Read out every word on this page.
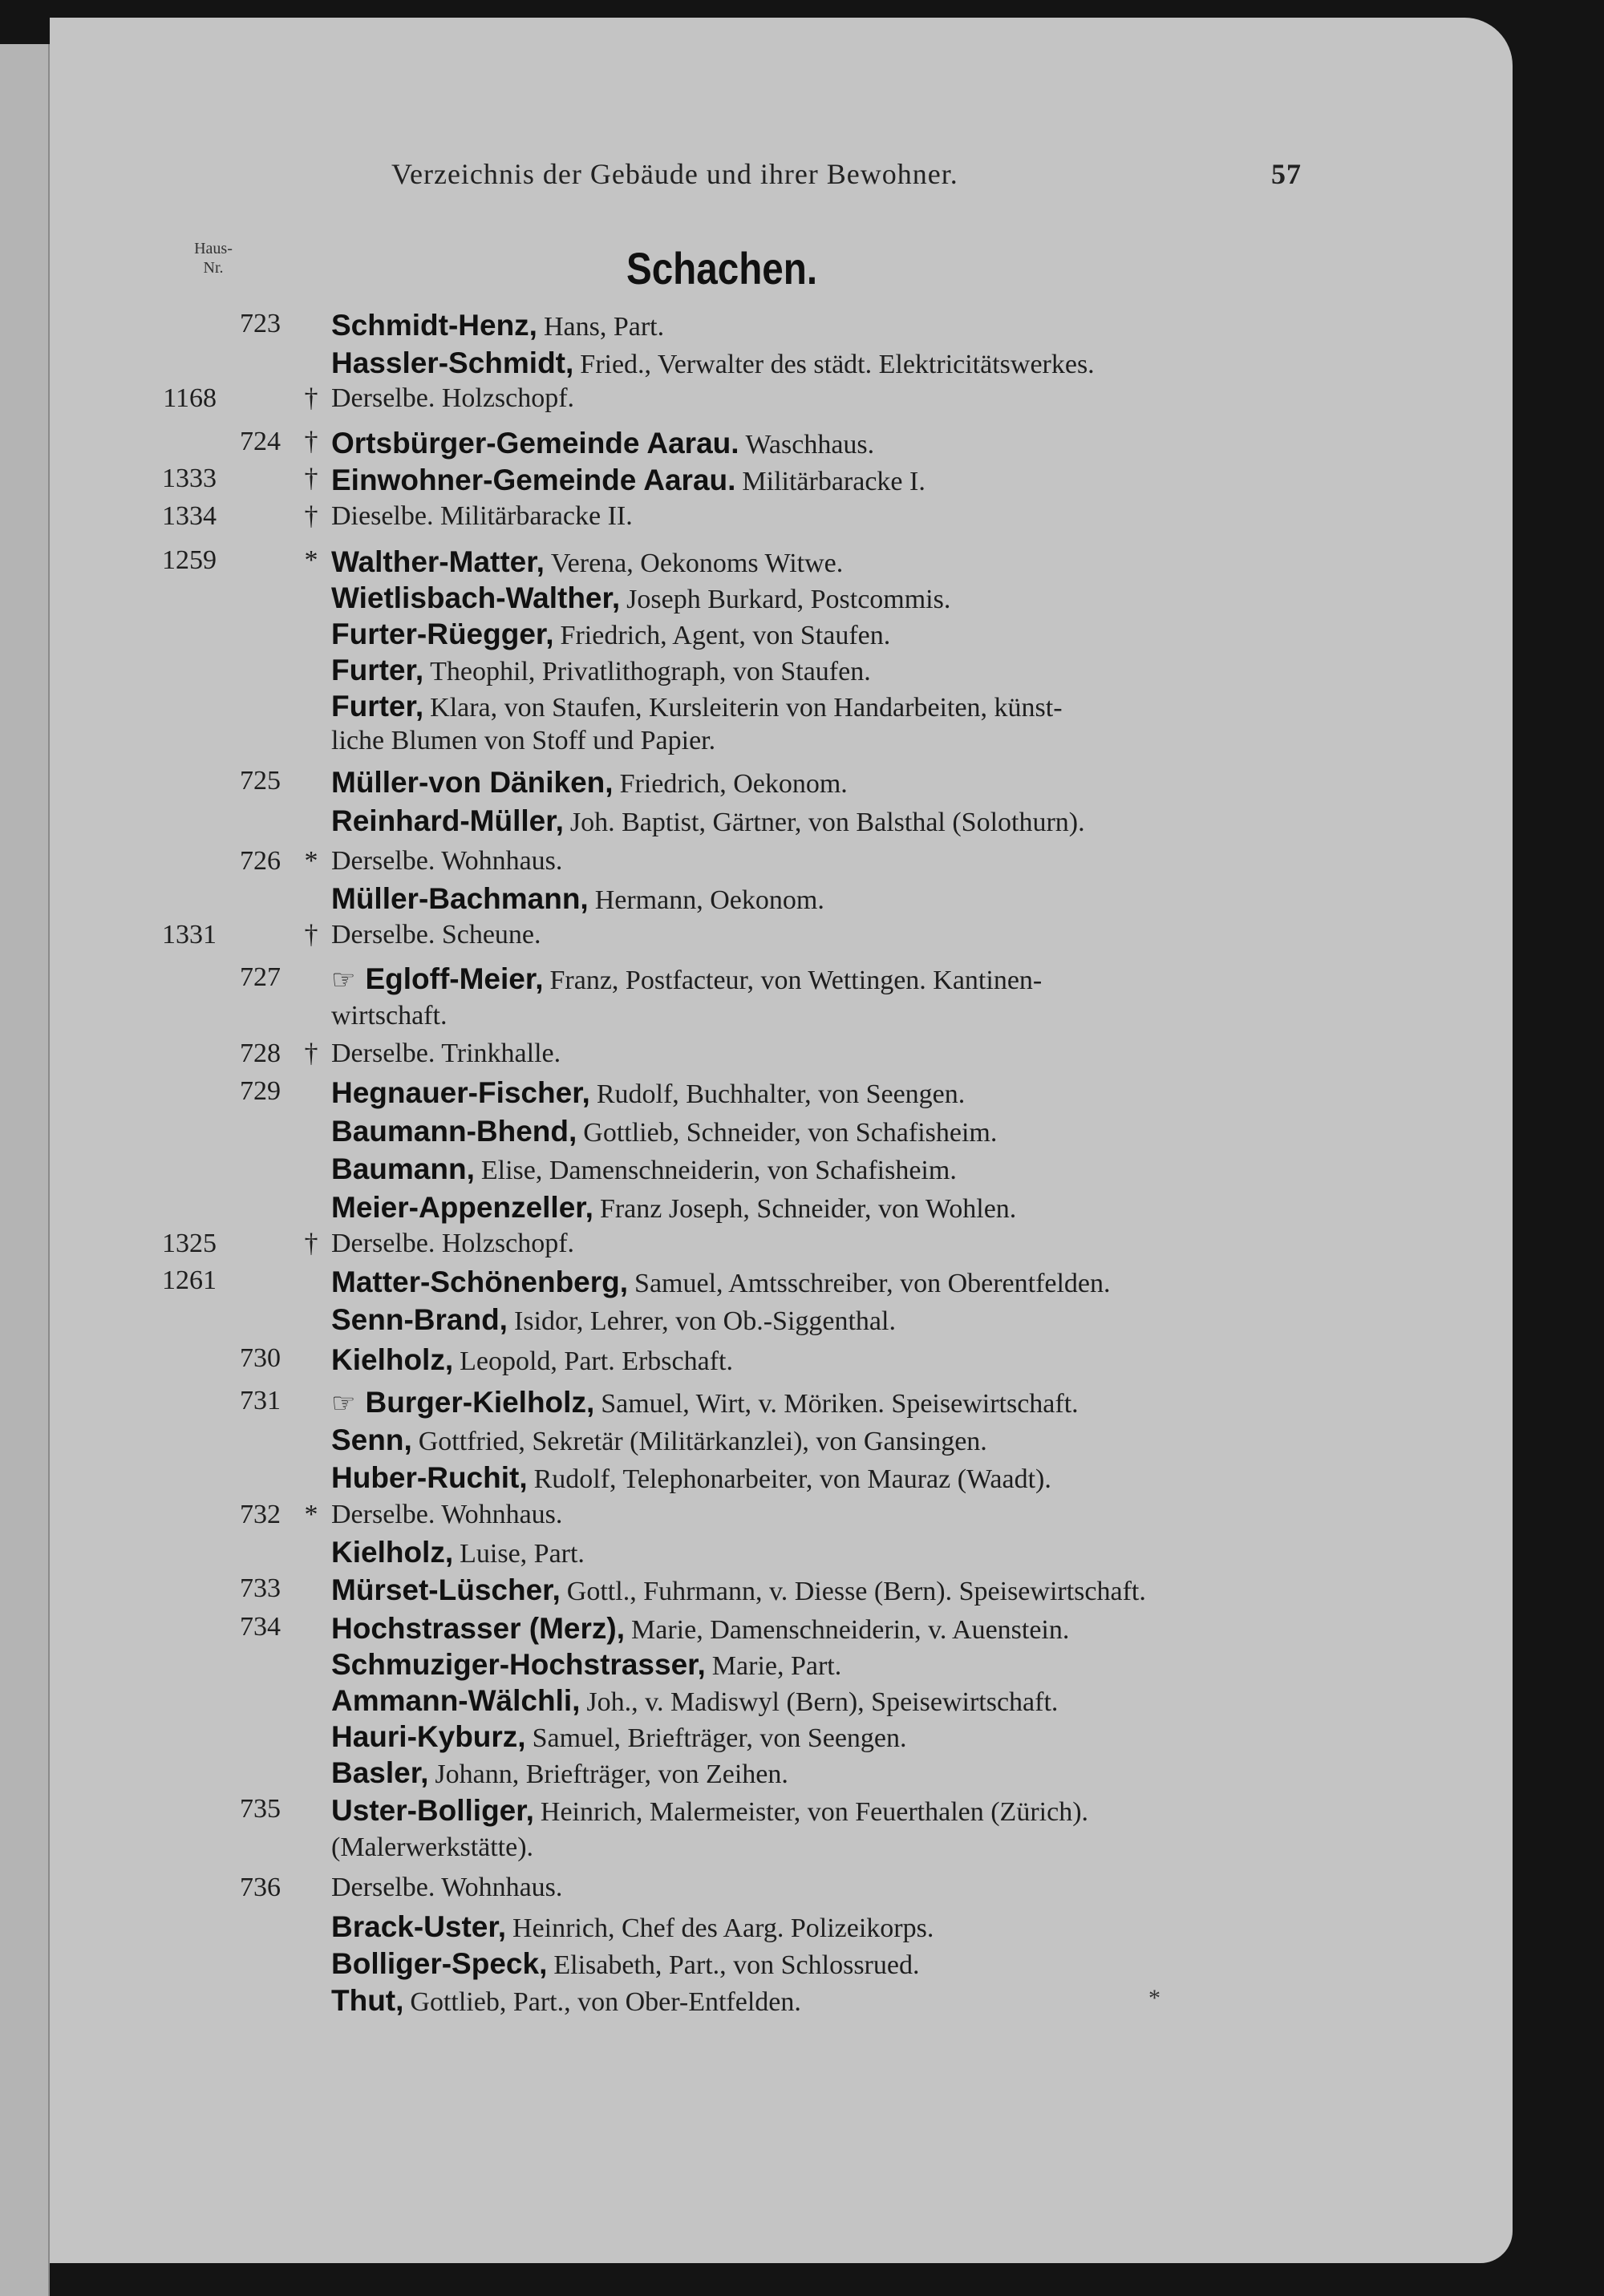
Verzeichnis der Gebäude und ihrer Bewohner.	57
Haus-
Nr.	Schachen.
723 Schmidt-Henz, Hans, Part.
Hassler-Schmidt, Fried., Verwalter des städt. Elektricitätswerkes.
1168	† Derselbe. Holzschopf.
724 † Ortsbürger-Gemeinde Aarau. Waschhaus.
1333	† Einwohner-Gemeinde Aarau. Militärbaracke I.
1334	† Dieselbe. Militärbaracke II.
1259	* Walther-Matter, Verena, Oekonoms Witwe.
Wietlisbach-Walther, Joseph Burkard, Postcommis.
Furter-Rüegger, Friedrich, Agent, von Staufen.
Furter, Theophil, Privatlithograph, von Staufen.
Furter, Klara, von Staufen, Kursleiterin von Handarbeiten, künst-
liche Blumen von Stoff und Papier.
725 Müller-von Däniken, Friedrich, Oekonom.
Reinhard-Müller, Joh. Baptist, Gärtner, von Balsthal (Solothurn).
726 * Derselbe. Wohnhaus.
Müller-Bachmann, Hermann, Oekonom.
1331	† Derselbe. Scheune.
727 ☞ Egloff-Meier, Franz, Postfacteur, von Wettingen. Kantinen-
wirtschaft.
728 † Derselbe. Trinkhalle.
729 Hegnauer-Fischer, Rudolf, Buchhalter, von Seengen.
Baumann-Bhend, Gottlieb, Schneider, von Schafisheim.
Baumann, Elise, Damenschneiderin, von Schafisheim.
Meier-Appenzeller, Franz Joseph, Schneider, von Wohlen.
1325	† Derselbe. Holzschopf.
1261	Matter-Schönenberg, Samuel, Amtsschreiber, von Oberentfelden.
Senn-Brand, Isidor, Lehrer, von Ob.-Siggenthal.
730 Kielholz, Leopold, Part. Erbschaft.
731 ☞ Burger-Kielholz, Samuel, Wirt, v. Möriken. Speisewirtschaft.
Senn, Gottfried, Sekretär (Militärkanzlei), von Gansingen.
Huber-Ruchit, Rudolf, Telephonarbeiter, von Mauraz (Waadt).
732 * Derselbe. Wohnhaus.
Kielholz, Luise, Part.
733 Mürset-Lüscher, Gottl., Fuhrmann, v. Diesse (Bern). Speisewirtschaft.
734 Hochstrasser (Merz), Marie, Damenschneiderin, v. Auenstein.
Schmuziger-Hochstrasser, Marie, Part.
Ammann-Wälchli, Joh., v. Madiswyl (Bern), Speisewirtschaft.
Hauri-Kyburz, Samuel, Briefträger, von Seengen.
Basler, Johann, Briefträger, von Zeihen.
735 Uster-Bolliger, Heinrich, Malermeister, von Feuerthalen (Zürich).
(Malerwerkstätte).
736 Derselbe. Wohnhaus.
Brack-Uster, Heinrich, Chef des Aarg. Polizeikorps.
Bolliger-Speck, Elisabeth, Part., von Schlossrued.
Thut, Gottlieb, Part., von Ober-Entfelden.	*
